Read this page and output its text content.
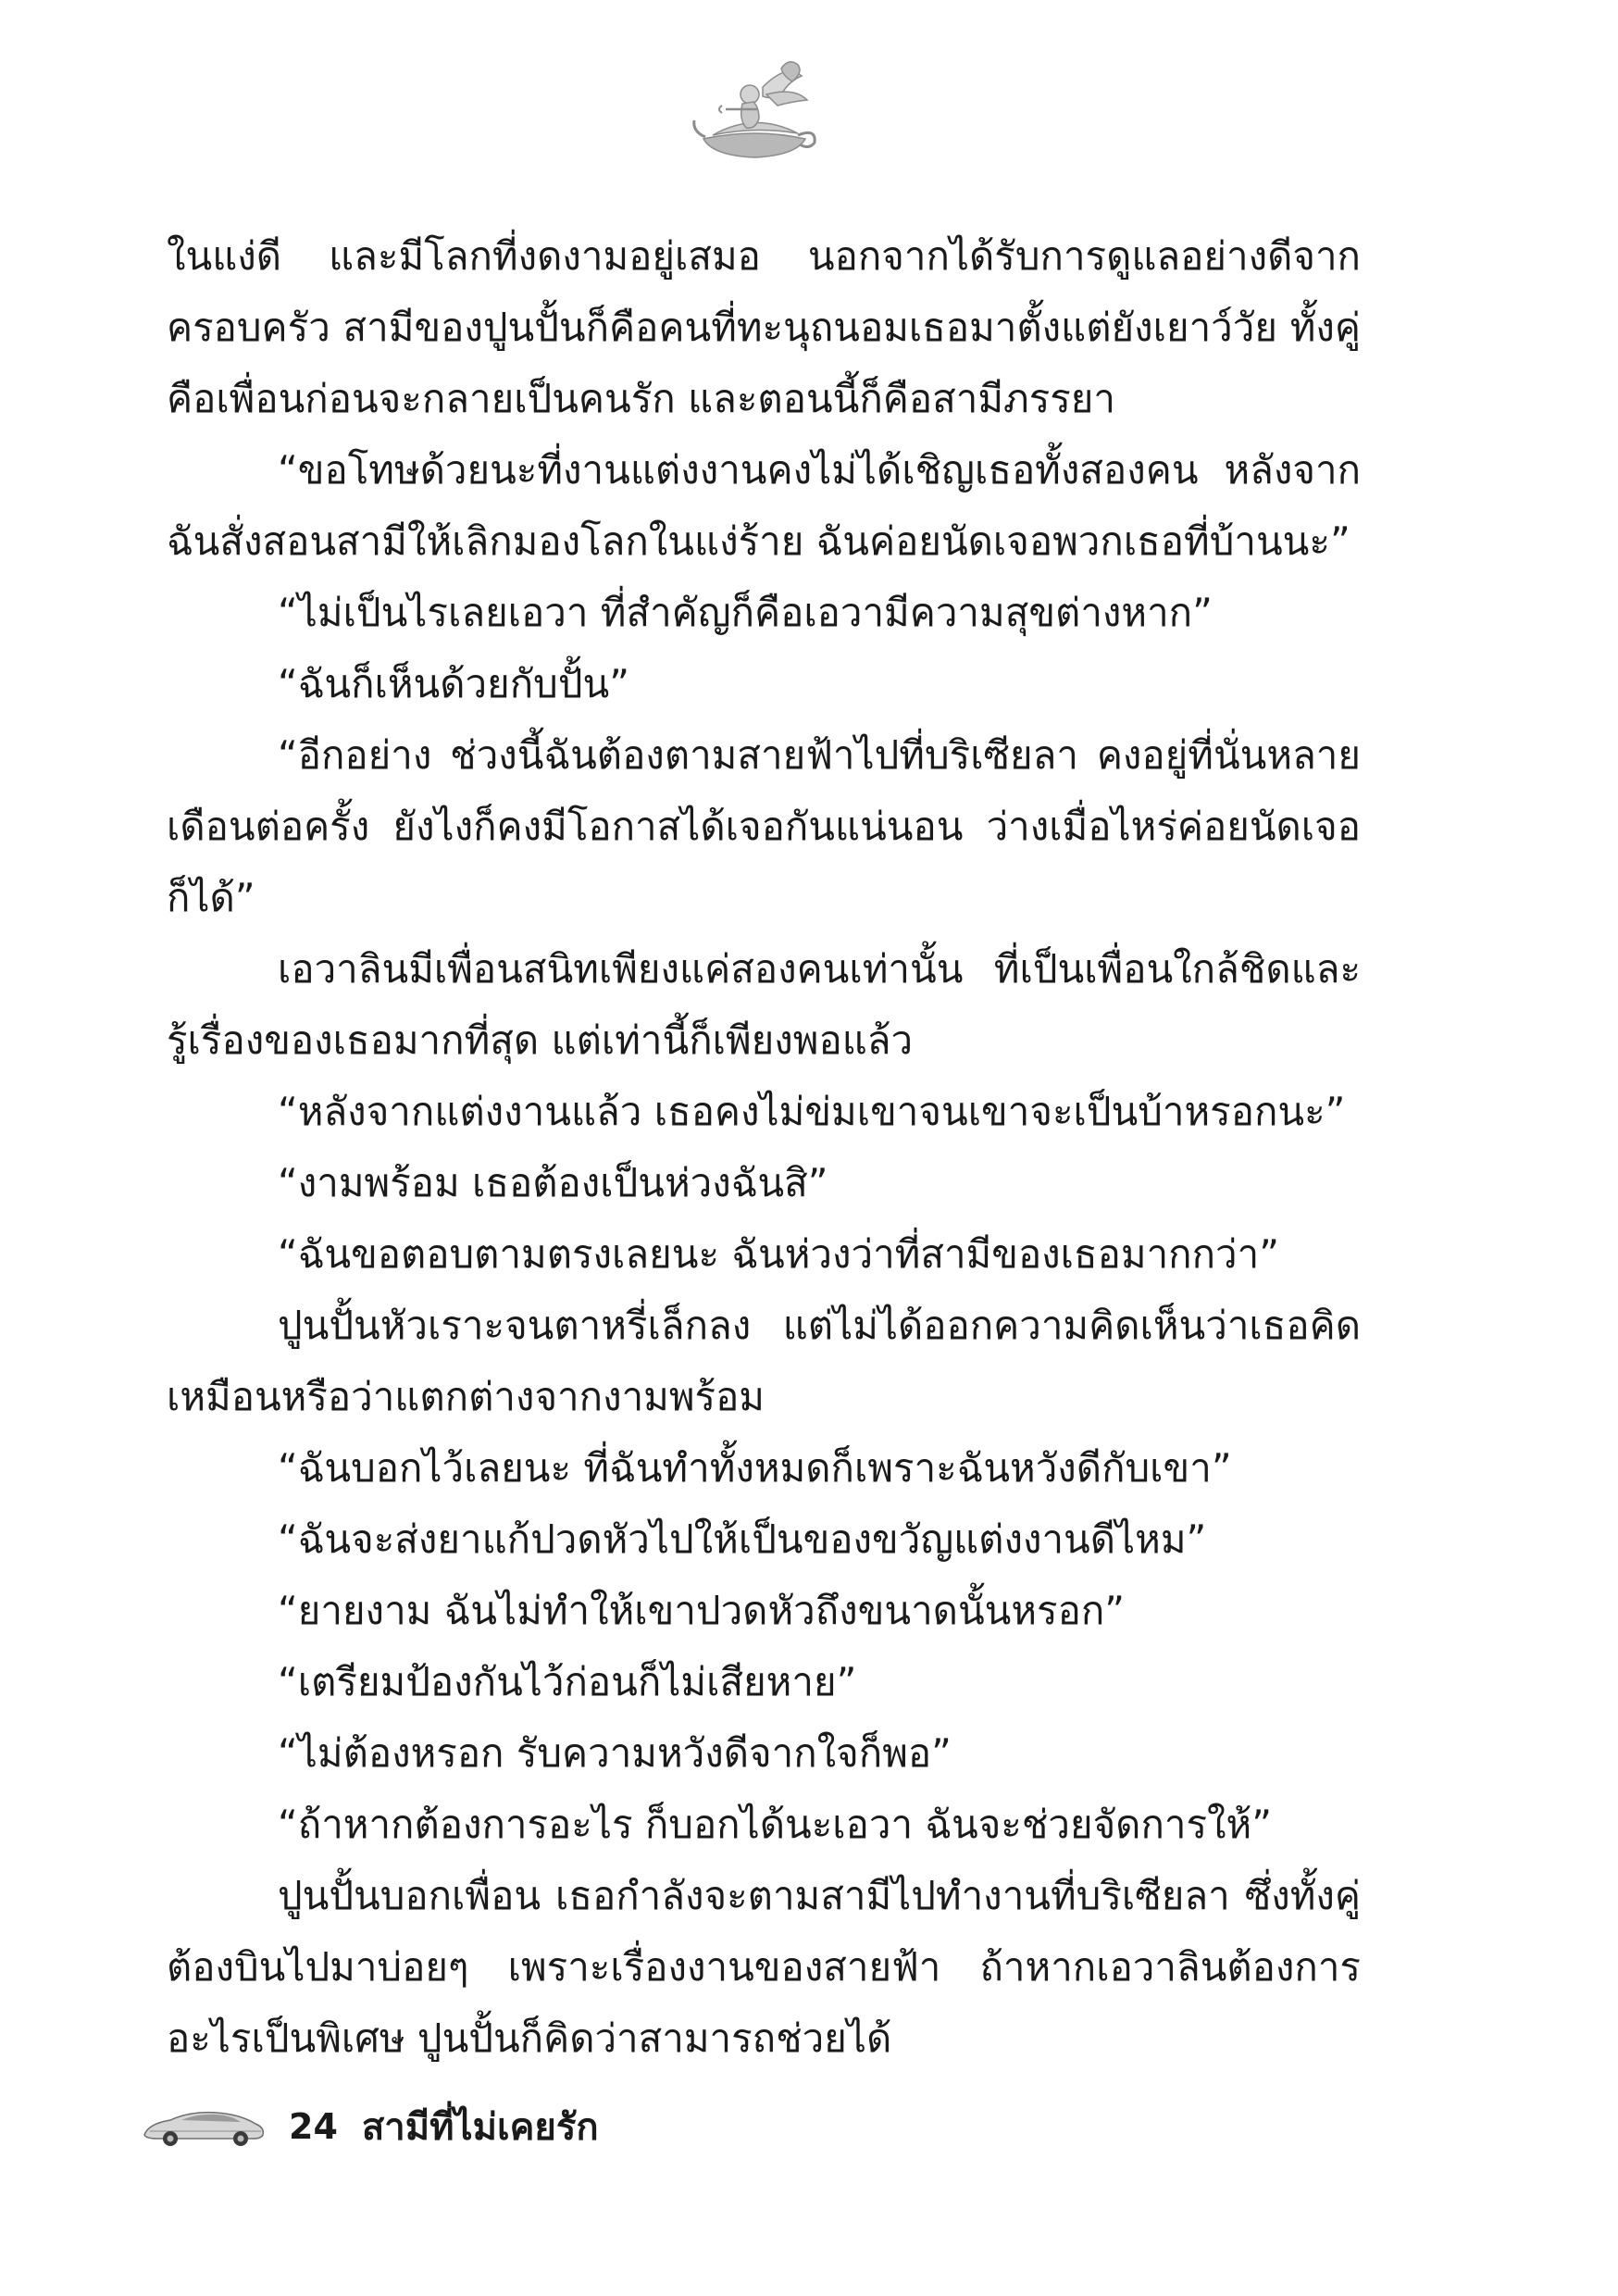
ในแง่ดี และมีโลกที่งดงามอยู่เสมอ นอกจากได้รับการดูแลอย่างดีจากครอบครัว สามีของปูนปั้นก็คือคนที่ทะนุถนอมเธอมาตั้งแต่ยังเยาว์วัย ทั้งคู่คือเพื่อนก่อนจะกลายเป็นคนรัก และตอนนี้ก็คือสามีภรรยา

“ขอโทษด้วยนะที่งานแต่งงานคงไม่ได้เชิญเธอทั้งสองคน หลังจากฉันสั่งสอนสามีให้เลิกมองโลกในแง่ร้าย ฉันค่อยนัดเจอพวกเธอที่บ้านนะ”

“ไม่เป็นไรเลยเอวา ที่สำคัญก็คือเอวามีความสุขต่างหาก”

“ฉันก็เห็นด้วยกับปั้น”

“อีกอย่าง ช่วงนี้ฉันต้องตามสายฟ้าไปที่บริเซียลา คงอยู่ที่นั่นหลายเดือนต่อครั้ง ยังไงก็คงมีโอกาสได้เจอกันแน่นอน ว่างเมื่อไหร่ค่อยนัดเจอก็ได้”

เอวาลินมีเพื่อนสนิทเพียงแค่สองคนเท่านั้น ที่เป็นเพื่อนใกล้ชิดและรู้เรื่องของเธอมากที่สุด แต่เท่านี้ก็เพียงพอแล้ว

“หลังจากแต่งงานแล้ว เธอคงไม่ข่มเขาจนเขาจะเป็นบ้าหรอกนะ”

“งามพร้อม เธอต้องเป็นห่วงฉันสิ”

“ฉันขอตอบตามตรงเลยนะ ฉันห่วงว่าที่สามีของเธอมากกว่า”

ปูนปั้นหัวเราะจนตาหรี่เล็กลง แต่ไม่ได้ออกความคิดเห็นว่าเธอคิดเหมือนหรือว่าแตกต่างจากงามพร้อม

“ฉันบอกไว้เลยนะ ที่ฉันทำทั้งหมดก็เพราะฉันหวังดีกับเขา”

“ฉันจะส่งยาแก้ปวดหัวไปให้เป็นของขวัญแต่งงานดีไหม”

“ยายงาม ฉันไม่ทำให้เขาปวดหัวถึงขนาดนั้นหรอก”

“เตรียมป้องกันไว้ก่อนก็ไม่เสียหาย”

“ไม่ต้องหรอก รับความหวังดีจากใจก็พอ”

“ถ้าหากต้องการอะไร ก็บอกได้นะเอวา ฉันจะช่วยจัดการให้”

ปูนปั้นบอกเพื่อน เธอกำลังจะตามสามีไปทำงานที่บริเซียลา ซึ่งทั้งคู่ต้องบินไปมาบ่อยๆ เพราะเรื่องงานของสายฟ้า ถ้าหากเอวาลินต้องการอะไรเป็นพิเศษ ปูนปั้นก็คิดว่าสามารถช่วยได้

24 สามีที่ไม่เคยรัก
